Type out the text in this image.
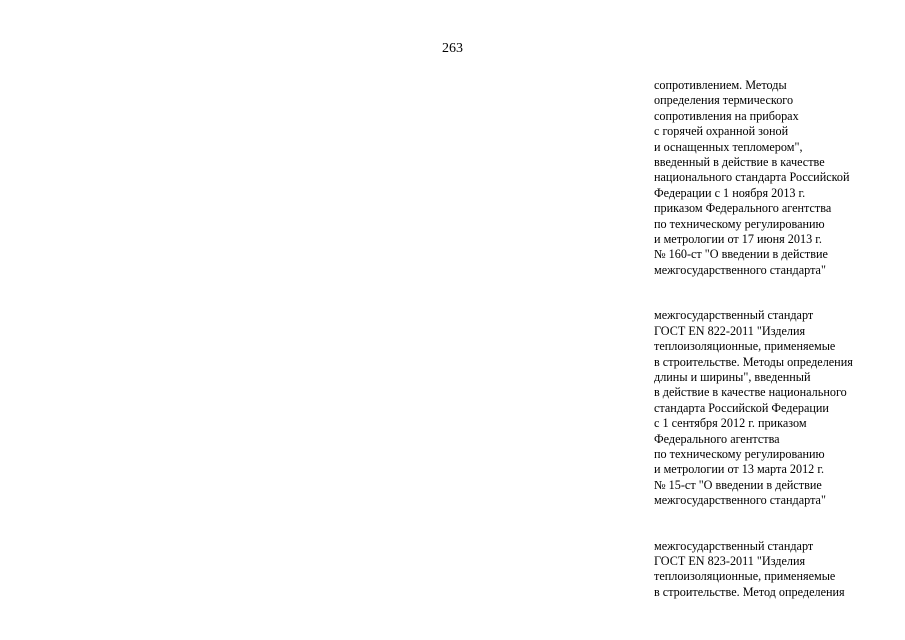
263
сопротивлением. Методы
определения термического
сопротивления на приборах
с горячей охранной зоной
и оснащенных тепломером",
введенный в действие в качестве
национального стандарта Российской
Федерации с 1 ноября 2013 г.
приказом Федерального агентства
по техническому регулированию
и метрологии от 17 июня 2013 г.
№ 160-ст "О введении в действие
межгосударственного стандарта"
межгосударственный стандарт
ГОСТ EN 822-2011 "Изделия
теплоизоляционные, применяемые
в строительстве. Методы определения
длины и ширины", введенный
в действие в качестве национального
стандарта Российской Федерации
с 1 сентября 2012 г. приказом
Федерального агентства
по техническому регулированию
и метрологии от 13 марта 2012 г.
№ 15-ст "О введении в действие
межгосударственного стандарта"
межгосударственный стандарт
ГОСТ EN 823-2011 "Изделия
теплоизоляционные, применяемые
в строительстве. Метод определения
